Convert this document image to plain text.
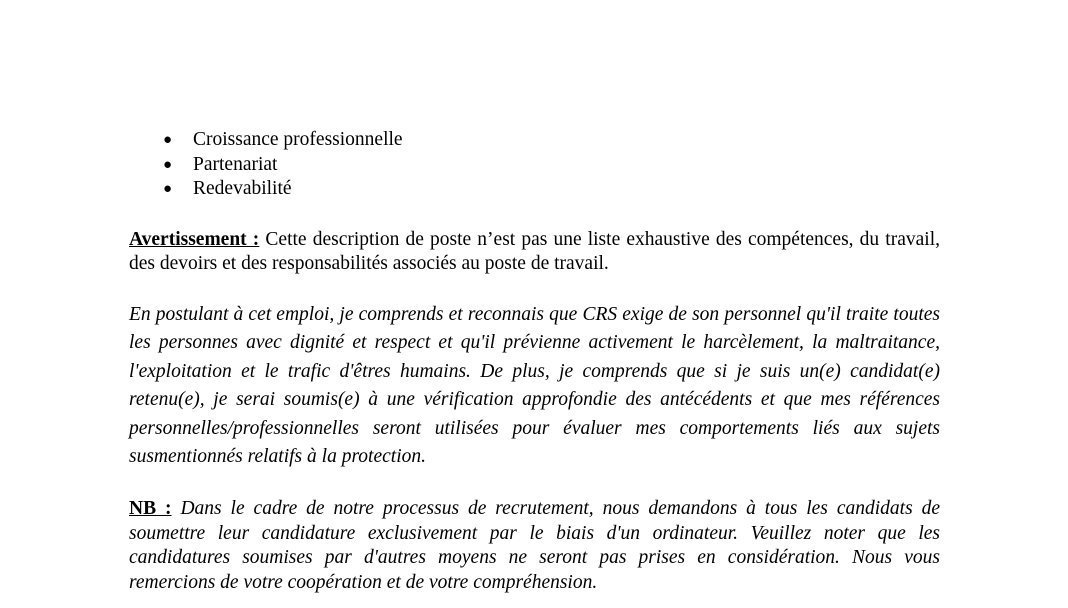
● Croissance professionnelle
● Partenariat
● Redevabilité

Avertissement : Cette description de poste n’est pas une liste exhaustive des compétences, du travail, des devoirs et des responsabilités associés au poste de travail.

En postulant à cet emploi, je comprends et reconnais que CRS exige de son personnel qu'il traite toutes les personnes avec dignité et respect et qu'il prévienne activement le harcèlement, la maltraitance, l'exploitation et le trafic d'êtres humains. De plus, je comprends que si je suis un(e) candidat(e) retenu(e), je serai soumis(e) à une vérification approfondie des antécédents et que mes références personnelles/professionnelles seront utilisées pour évaluer mes comportements liés aux sujets susmentionnés relatifs à la protection.

NB : Dans le cadre de notre processus de recrutement, nous demandons à tous les candidats de soumettre leur candidature exclusivement par le biais d'un ordinateur. Veuillez noter que les candidatures soumises par d'autres moyens ne seront pas prises en considération. Nous vous remercions de votre coopération et de votre compréhension.
